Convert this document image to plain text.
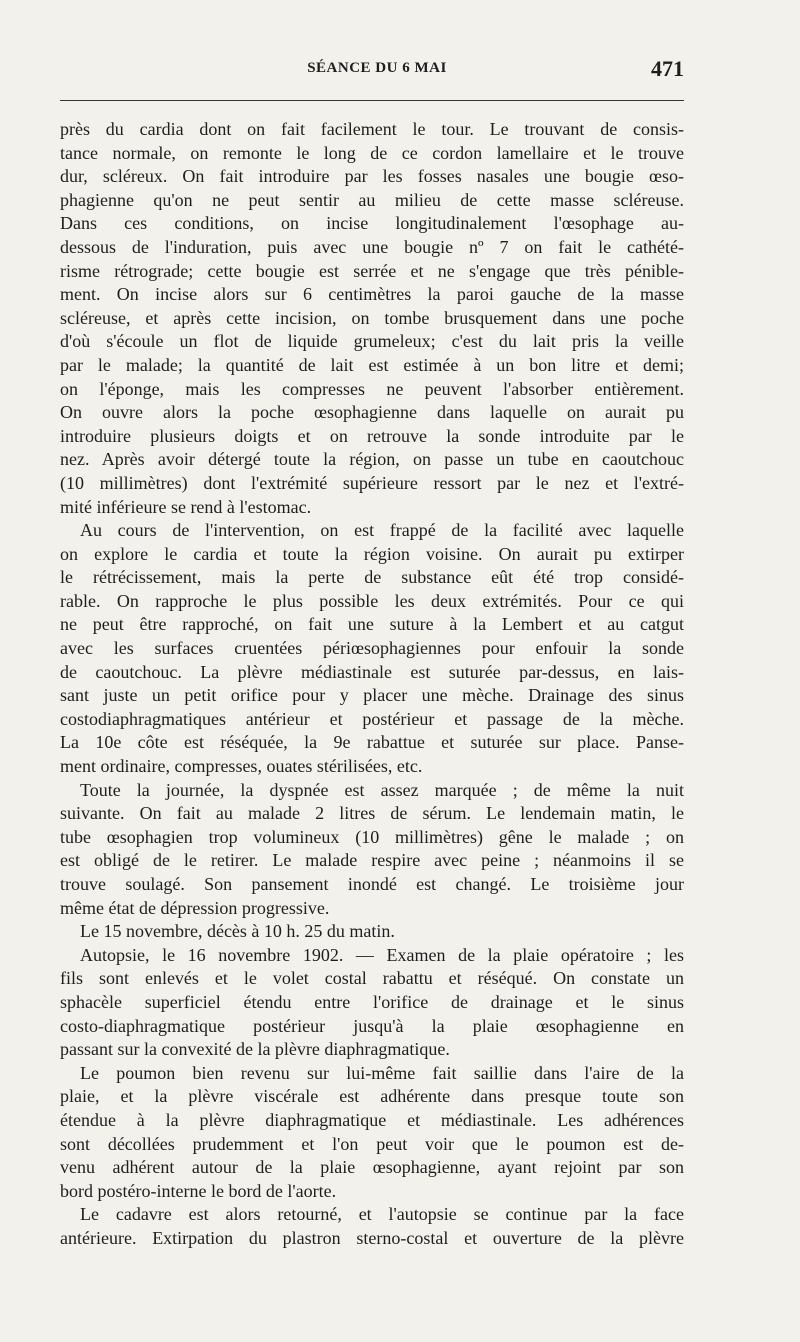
SÉANCE DU 6 MAI	471
près du cardia dont on fait facilement le tour. Le trouvant de consis-
tance normale, on remonte le long de ce cordon lamellaire et le trouve
dur, scléreux. On fait introduire par les fosses nasales une bougie œso-
phagienne qu'on ne peut sentir au milieu de cette masse scléreuse.
Dans ces conditions, on incise longitudinalement l'œsophage au-
dessous de l'induration, puis avec une bougie nº 7 on fait le cathété-
risme rétrograde; cette bougie est serrée et ne s'engage que très pénible-
ment. On incise alors sur 6 centimètres la paroi gauche de la masse
scléreuse, et après cette incision, on tombe brusquement dans une poche
d'où s'écoule un flot de liquide grumeleux; c'est du lait pris la veille
par le malade; la quantité de lait est estimée à un bon litre et demi;
on l'éponge, mais les compresses ne peuvent l'absorber entièrement.
On ouvre alors la poche œsophagienne dans laquelle on aurait pu
introduire plusieurs doigts et on retrouve la sonde introduite par le
nez. Après avoir détergé toute la région, on passe un tube en caoutchouc
(10 millimètres) dont l'extrémité supérieure ressort par le nez et l'extré-
mité inférieure se rend à l'estomac.
Au cours de l'intervention, on est frappé de la facilité avec laquelle
on explore le cardia et toute la région voisine. On aurait pu extirper
le rétrécissement, mais la perte de substance eût été trop considé-
rable. On rapproche le plus possible les deux extrémités. Pour ce qui
ne peut être rapproché, on fait une suture à la Lembert et au catgut
avec les surfaces cruentées périœsophagiennes pour enfouir la sonde
de caoutchouc. La plèvre médiastinale est suturée par-dessus, en lais-
sant juste un petit orifice pour y placer une mèche. Drainage des sinus
costodiaphragmatiques antérieur et postérieur et passage de la mèche.
La 10e côte est réséquée, la 9e rabattue et suturée sur place. Panse-
ment ordinaire, compresses, ouates stérilisées, etc.
Toute la journée, la dyspnée est assez marquée ; de même la nuit
suivante. On fait au malade 2 litres de sérum. Le lendemain matin, le
tube œsophagien trop volumineux (10 millimètres) gêne le malade ; on
est obligé de le retirer. Le malade respire avec peine ; néanmoins il se
trouve soulagé. Son pansement inondé est changé. Le troisième jour
même état de dépression progressive.
Le 15 novembre, décès à 10 h. 25 du matin.
Autopsie, le 16 novembre 1902. — Examen de la plaie opératoire ; les
fils sont enlevés et le volet costal rabattu et réséqué. On constate un
sphacèle superficiel étendu entre l'orifice de drainage et le sinus
costo-diaphragmatique postérieur jusqu'à la plaie œsophagienne en
passant sur la convexité de la plèvre diaphragmatique.
Le poumon bien revenu sur lui-même fait saillie dans l'aire de la
plaie, et la plèvre viscérale est adhérente dans presque toute son
étendue à la plèvre diaphragmatique et médiastinale. Les adhérences
sont décollées prudemment et l'on peut voir que le poumon est de-
venu adhérent autour de la plaie œsophagienne, ayant rejoint par son
bord postéro-interne le bord de l'aorte.
Le cadavre est alors retourné, et l'autopsie se continue par la face
antérieure. Extirpation du plastron sterno-costal et ouverture de la plèvre
